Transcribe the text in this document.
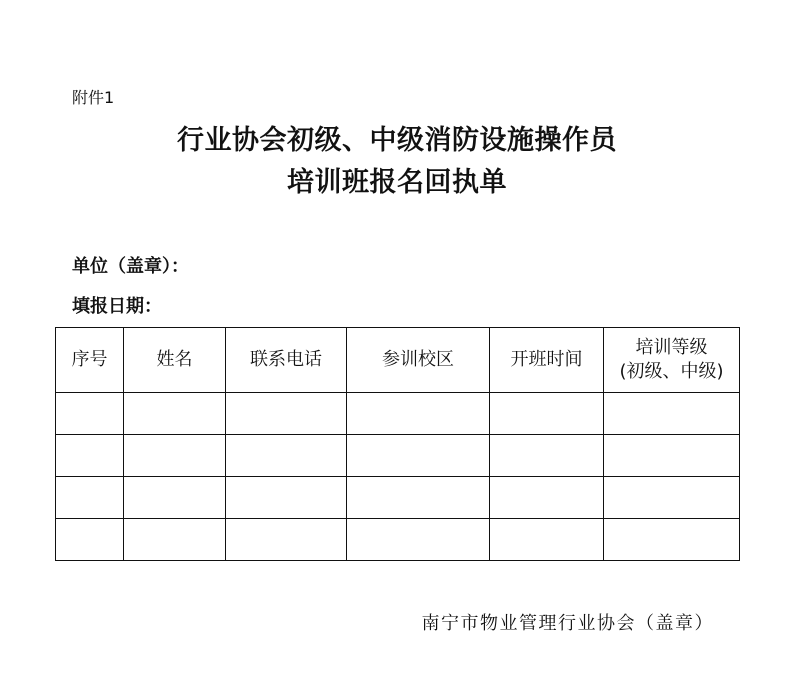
附件1
行业协会初级、中级消防设施操作员
培训班报名回执单
单位（盖章）：
填报日期：
序号	姓名	联系电话	参训校区	开班时间	培训等级
(初级、中级)

南宁市物业管理行业协会（盖章）
